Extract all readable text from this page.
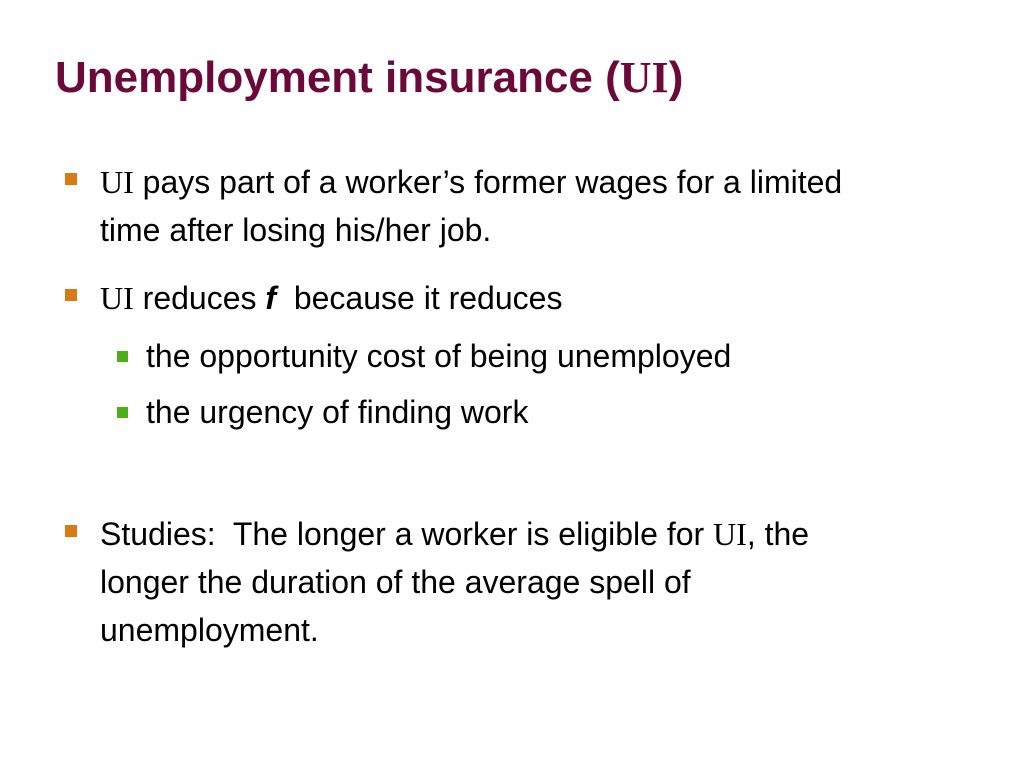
Unemployment insurance (UI)

UI pays part of a worker’s former wages for a limited time after losing his/her job.

UI reduces f  because it reduces

the opportunity cost of being unemployed

the urgency of finding work

Studies:  The longer a worker is eligible for UI, the longer the duration of the average spell of unemployment.
